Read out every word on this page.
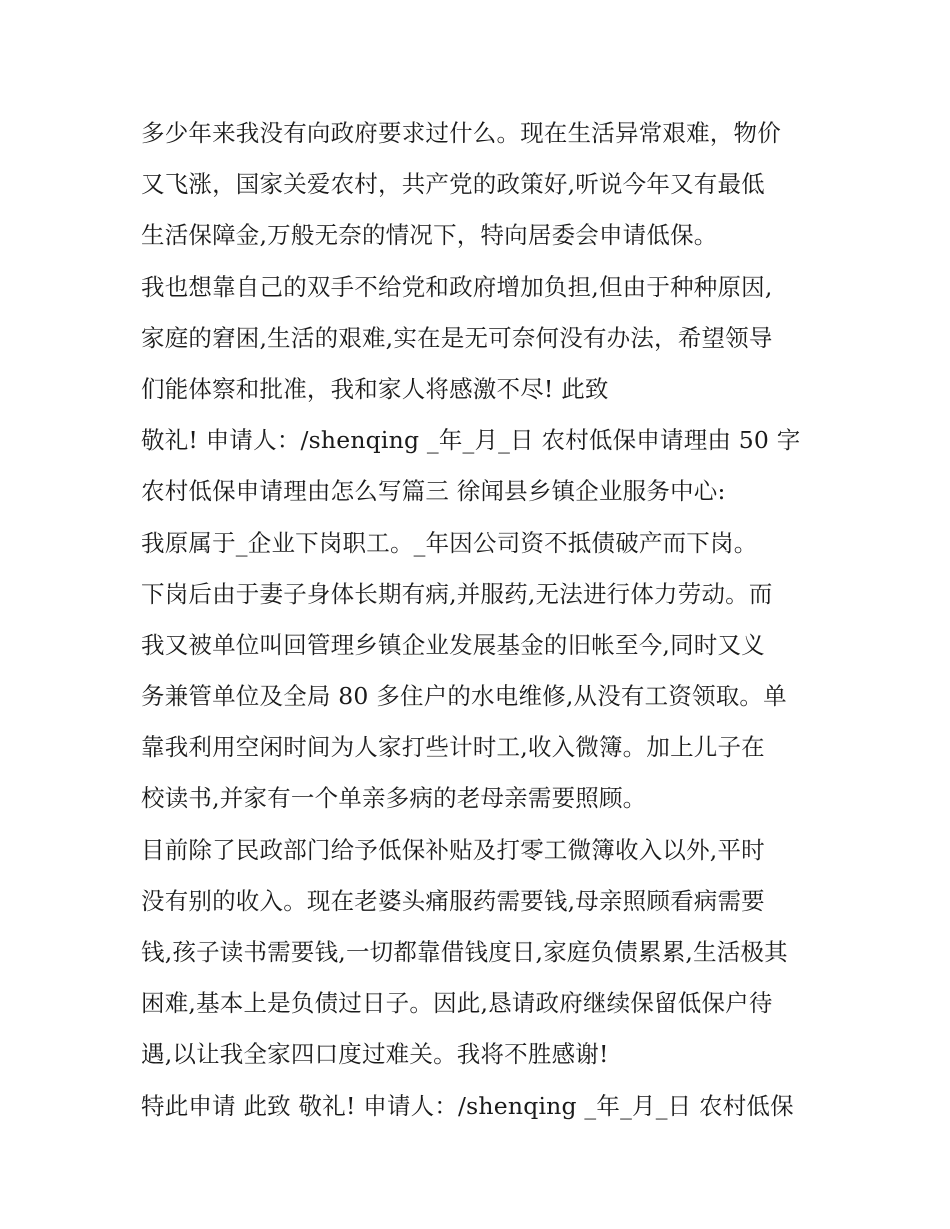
多少年来我没有向政府要求过什么。现在生活异常艰难，物价
又飞涨，国家关爱农村，共产党的政策好,听说今年又有最低
生活保障金,万般无奈的情况下，特向居委会申请低保。
我也想靠自己的双手不给党和政府增加负担,但由于种种原因,
家庭的窘困,生活的艰难,实在是无可奈何没有办法，希望领导
们能体察和批准，我和家人将感激不尽! 此致
敬礼! 申请人：/shenqing _年_月_日 农村低保申请理由 50 字
农村低保申请理由怎么写篇三 徐闻县乡镇企业服务中心:
我原属于_企业下岗职工。_年因公司资不抵债破产而下岗。
下岗后由于妻子身体长期有病,并服药,无法进行体力劳动。而
我又被单位叫回管理乡镇企业发展基金的旧帐至今,同时又义
务兼管单位及全局 80 多住户的水电维修,从没有工资领取。单
靠我利用空闲时间为人家打些计时工,收入微簿。加上儿子在
校读书,并家有一个单亲多病的老母亲需要照顾。
目前除了民政部门给予低保补贴及打零工微簿收入以外,平时
没有别的收入。现在老婆头痛服药需要钱,母亲照顾看病需要
钱,孩子读书需要钱,一切都靠借钱度日,家庭负债累累,生活极其
困难,基本上是负债过日子。因此,恳请政府继续保留低保户待
遇,以让我全家四口度过难关。我将不胜感谢!
特此申请 此致 敬礼! 申请人：/shenqing _年_月_日 农村低保
